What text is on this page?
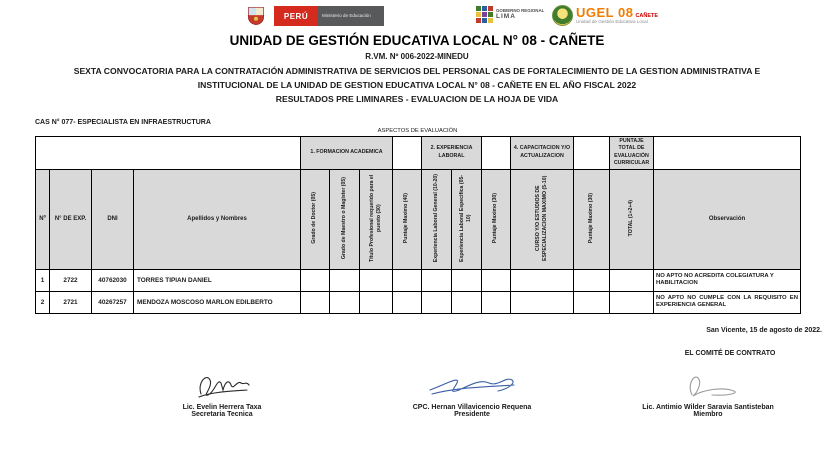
PERÚ	Ministerio de Educación
GOBIERNO REGIONAL
LIMA	UGEL 08 CAÑETE
Unidad de Gestión Educativa Local
UNIDAD DE GESTIÓN EDUCATIVA LOCAL N° 08 - CAÑETE
R.VM. Nº 006-2022-MINEDU
SEXTA CONVOCATORIA PARA LA CONTRATACIÓN ADMINISTRATIVA DE SERVICIOS DEL PERSONAL CAS DE FORTALECIMIENTO DE LA GESTION ADMINISTRATIVA E
INSTITUCIONAL DE LA UNIDAD DE GESTION EDUCATIVA LOCAL N° 08 - CAÑETE EN EL AÑO FISCAL 2022
RESULTADOS PRE LIMINARES - EVALUACION DE LA HOJA DE VIDA
CAS N° 077- ESPECIALISTA EN INFRAESTRUCTURA
ASPECTOS DE EVALUACIÓN
				1. FORMACION ACADEMICA				2. EXPERIENCIA LABORAL			4. CAPACITACION Y/O ACTUALIZACION		PUNTAJE TOTAL DE EVALUACIÓN CURRICULAR	
Nº	N° DE EXP.	DNI	Apellidos y Nombres	Grado de Doctor (05)	Grado de Maestro o Magister (05)	Titulo Profesional requerido para el puesto (30)	Puntaje Maximo (40)	Experiencia Laboral General (10-20)	Experiencia Laboral Especifica (05-10)	Puntaje Maximo (30)	CURSO Y/O ESTUDIOS DE ESPECIALIZACION MAXIMO (5-10)	Puntaje Maximo (30)	TOTAL (1+2+4)	Observación
1	2722	40762030	TORRES TIPIAN DANIEL											NO APTO NO ACREDITA COLEGIATURA Y HABILITACION
2	2721	40267257	MENDOZA MOSCOSO MARLON EDILBERTO											NO APTO NO CUMPLE CON LA REQUISITO EN EXPERIENCIA GENERAL
San Vicente, 15 de agosto de 2022.
EL COMITÉ DE CONTRATO
Lic. Evelin Herrera Taxa
Secretaria Tecnica
CPC. Hernan Villavicencio Requena
Presidente
Lic. Antimio Wilder Saravia Santisteban
Miembro
